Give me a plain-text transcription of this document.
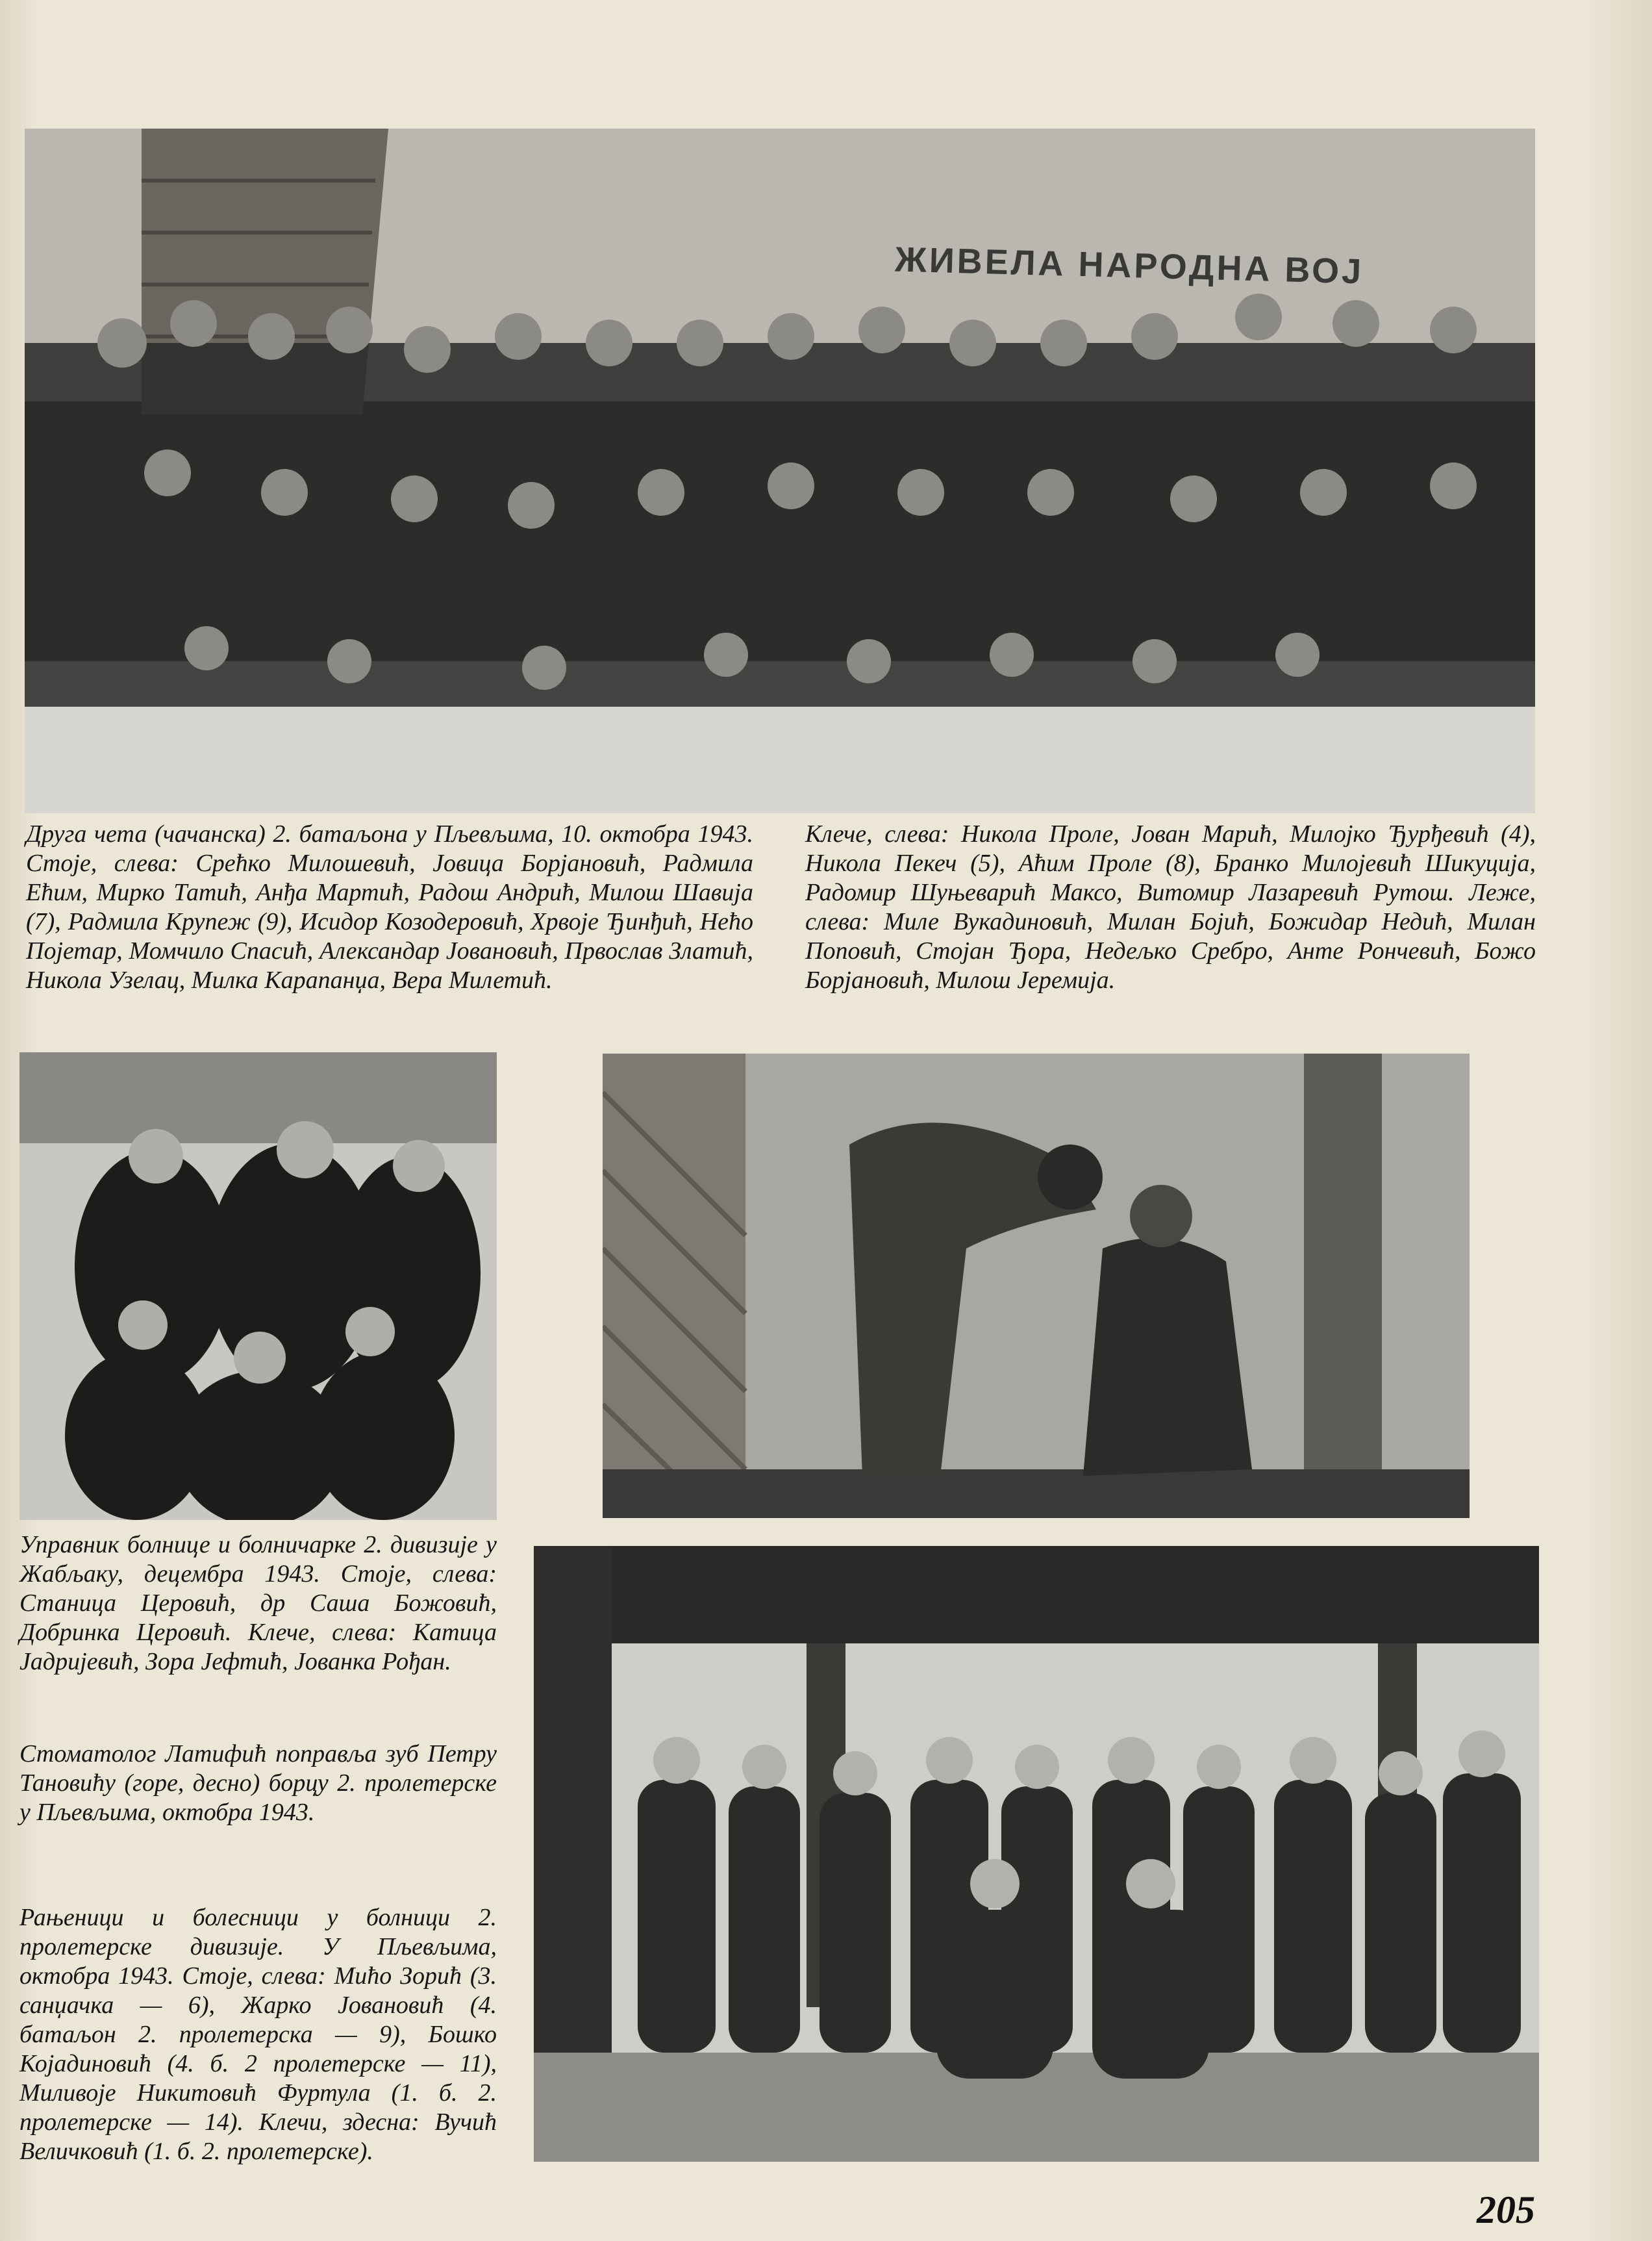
ЖИВЕЛА НАРОДНА ВОЈ

Друга чета (чачанска) 2. батаљона у Пљевљима, 10. октобра 1943. Стоје, слева: Срећко Милошевић, Јовица Борјановић, Радмила Ећим, Мирко Татић, Анђа Мартић, Радош Андрић, Милош Шавија (7), Радмила Крупеж (9), Исидор Козодеровић, Хрвоје Ђинђић, Нећо Појетар, Момчило Спасић, Александар Јовановић, Првослав Златић, Никола Узелац, Милка Карапанџа, Вера Милетић.

Клече, слева: Никола Проле, Јован Марић, Милојко Ђурђевић (4), Никола Пекеч (5), Аћим Проле (8), Бранко Милојевић Шикуција, Радомир Шуњеварић Максо, Витомир Лазаревић Рутош. Леже, слева: Миле Вукадиновић, Милан Бојић, Божидар Недић, Милан Поповић, Стојан Ђора, Недељко Сребро, Анте Рончевић, Божо Борјановић, Милош Јеремија.

Управник болнице и болничарке 2. дивизије у Жабљаку, децембра 1943. Стоје, слева: Станица Церовић, др Саша Божовић, Добринка Церовић. Клече, слева: Катица Јадријевић, Зора Јефтић, Јованка Рођан.

Стоматолог Латифић поправља зуб Петру Тановићу (горе, десно) борцу 2. пролетерске у Пљевљима, октобра 1943.

Рањеници и болесници у болници 2. пролетерске дивизије. У Пљевљима, октобра 1943. Стоје, слева: Мићо Зорић (3. санџачка — 6), Жарко Јовановић (4. батаљон 2. пролетерска — 9), Бошко Којадиновић (4. б. 2 пролетерске — 11), Миливоје Никитовић Фуртула (1. б. 2. пролетерске — 14). Клечи, здесна: Вучић Величковић (1. б. 2. пролетерске).

205
